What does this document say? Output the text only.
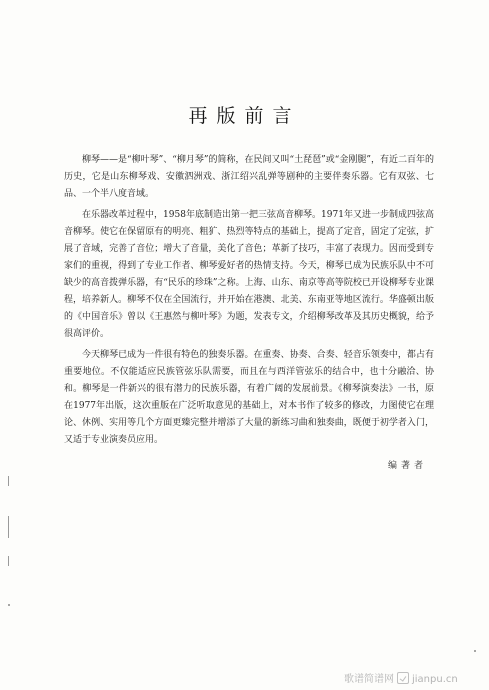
再版前言

柳琴——是“柳叶琴”、“柳月琴”的简称，在民间又叫“土琵琶”或“金刚腿”，有近二百年的历史，它是山东柳琴戏、安徽泗洲戏、浙江绍兴乱弹等剧种的主要伴奏乐器。它有双弦、七品、一个半八度音域。

在乐器改革过程中，1958年底制造出第一把三弦高音柳琴。1971年又进一步制成四弦高音柳琴。使它在保留原有的明亮、粗犷、热烈等特点的基础上，提高了定音，固定了定弦，扩展了音域，完善了音位；增大了音量，美化了音色；革新了技巧，丰富了表现力。因而受到专家们的重视，得到了专业工作者、柳琴爱好者的热情支持。今天，柳琴已成为民族乐队中不可缺少的高音拨弹乐器，有“民乐的珍珠”之称。上海、山东、南京等高等院校已开设柳琴专业课程，培养新人。柳琴不仅在全国流行，并开始在港澳、北美、东南亚等地区流行。华盛顿出版的《中国音乐》曾以《王惠然与柳叶琴》为题，发表专文，介绍柳琴改革及其历史概貌，给予很高评价。

今天柳琴已成为一件很有特色的独奏乐器。在重奏、协奏、合奏、轻音乐领奏中，都占有重要地位。不仅能适应民族管弦乐队需要，而且在与西洋管弦乐的结合中，也十分融洽、协和。柳琴是一件新兴的很有潜力的民族乐器，有着广阔的发展前景。《柳琴演奏法》一书，原在1977年出版，这次重版在广泛听取意见的基础上，对本书作了较多的修改，力图使它在理论、休例、实用等几个方面更臻完整并增添了大量的新练习曲和独奏曲，既便于初学者入门，又适于专业演奏员应用。

编著者
歌谱简谱网 jianpu.cn
